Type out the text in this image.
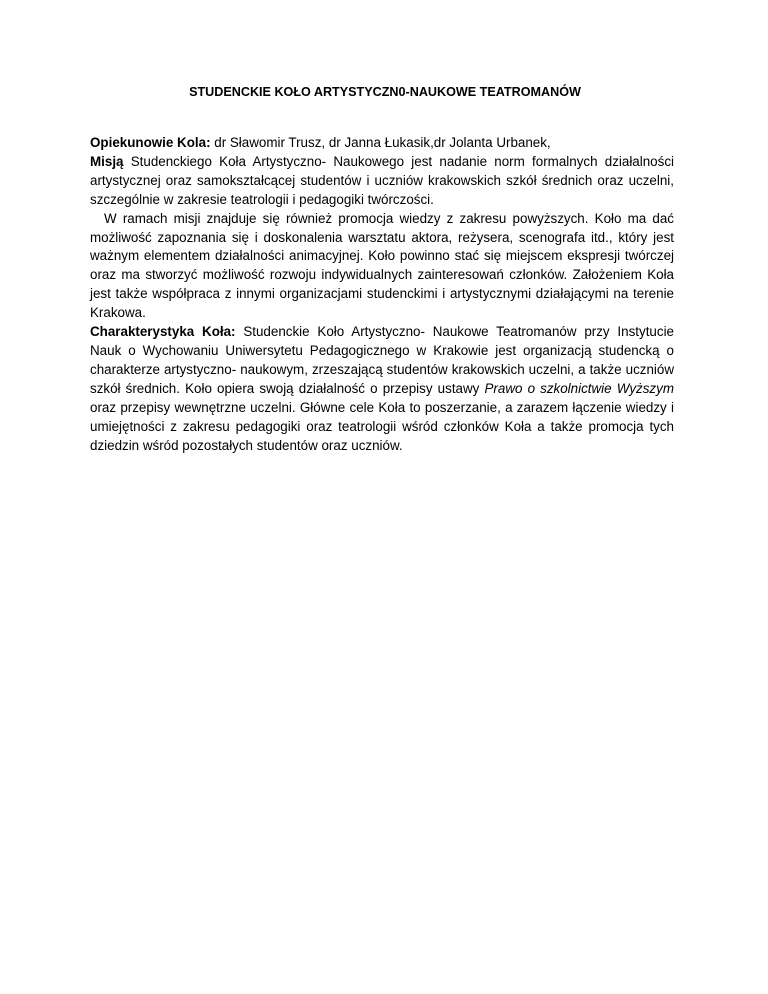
STUDENCKIE KOŁO ARTYSTYCZN0-NAUKOWE TEATROMANÓW

Opiekunowie Kola: dr Sławomir Trusz, dr Janna Łukasik,dr Jolanta Urbanek,

Misją Studenckiego Koła Artystyczno- Naukowego jest nadanie norm formalnych działalności artystycznej oraz samokształcącej studentów i uczniów krakowskich szkół średnich oraz uczelni, szczególnie w zakresie teatrologii i pedagogiki twórczości.

W ramach misji znajduje się również promocja wiedzy z zakresu powyższych. Koło ma dać możliwość zapoznania się i doskonalenia warsztatu aktora, reżysera, scenografa itd., który jest ważnym elementem działalności animacyjnej. Koło powinno stać się miejscem ekspresji twórczej oraz ma stworzyć możliwość rozwoju indywidualnych zainteresowań członków. Założeniem Koła jest także współpraca z innymi organizacjami studenckimi i artystycznymi działającymi na terenie Krakowa.

Charakterystyka Koła: Studenckie Koło Artystyczno- Naukowe Teatromanów przy Instytucie Nauk o Wychowaniu Uniwersytetu Pedagogicznego w Krakowie jest organizacją studencką o charakterze artystyczno- naukowym, zrzeszającą studentów krakowskich uczelni, a także uczniów szkół średnich. Koło opiera swoją działalność o przepisy ustawy Prawo o szkolnictwie Wyższym oraz przepisy wewnętrzne uczelni. Główne cele Koła to poszerzanie, a zarazem łączenie wiedzy i umiejętności z zakresu pedagogiki oraz teatrologii wśród członków Koła a także promocja tych dziedzin wśród pozostałych studentów oraz uczniów.
